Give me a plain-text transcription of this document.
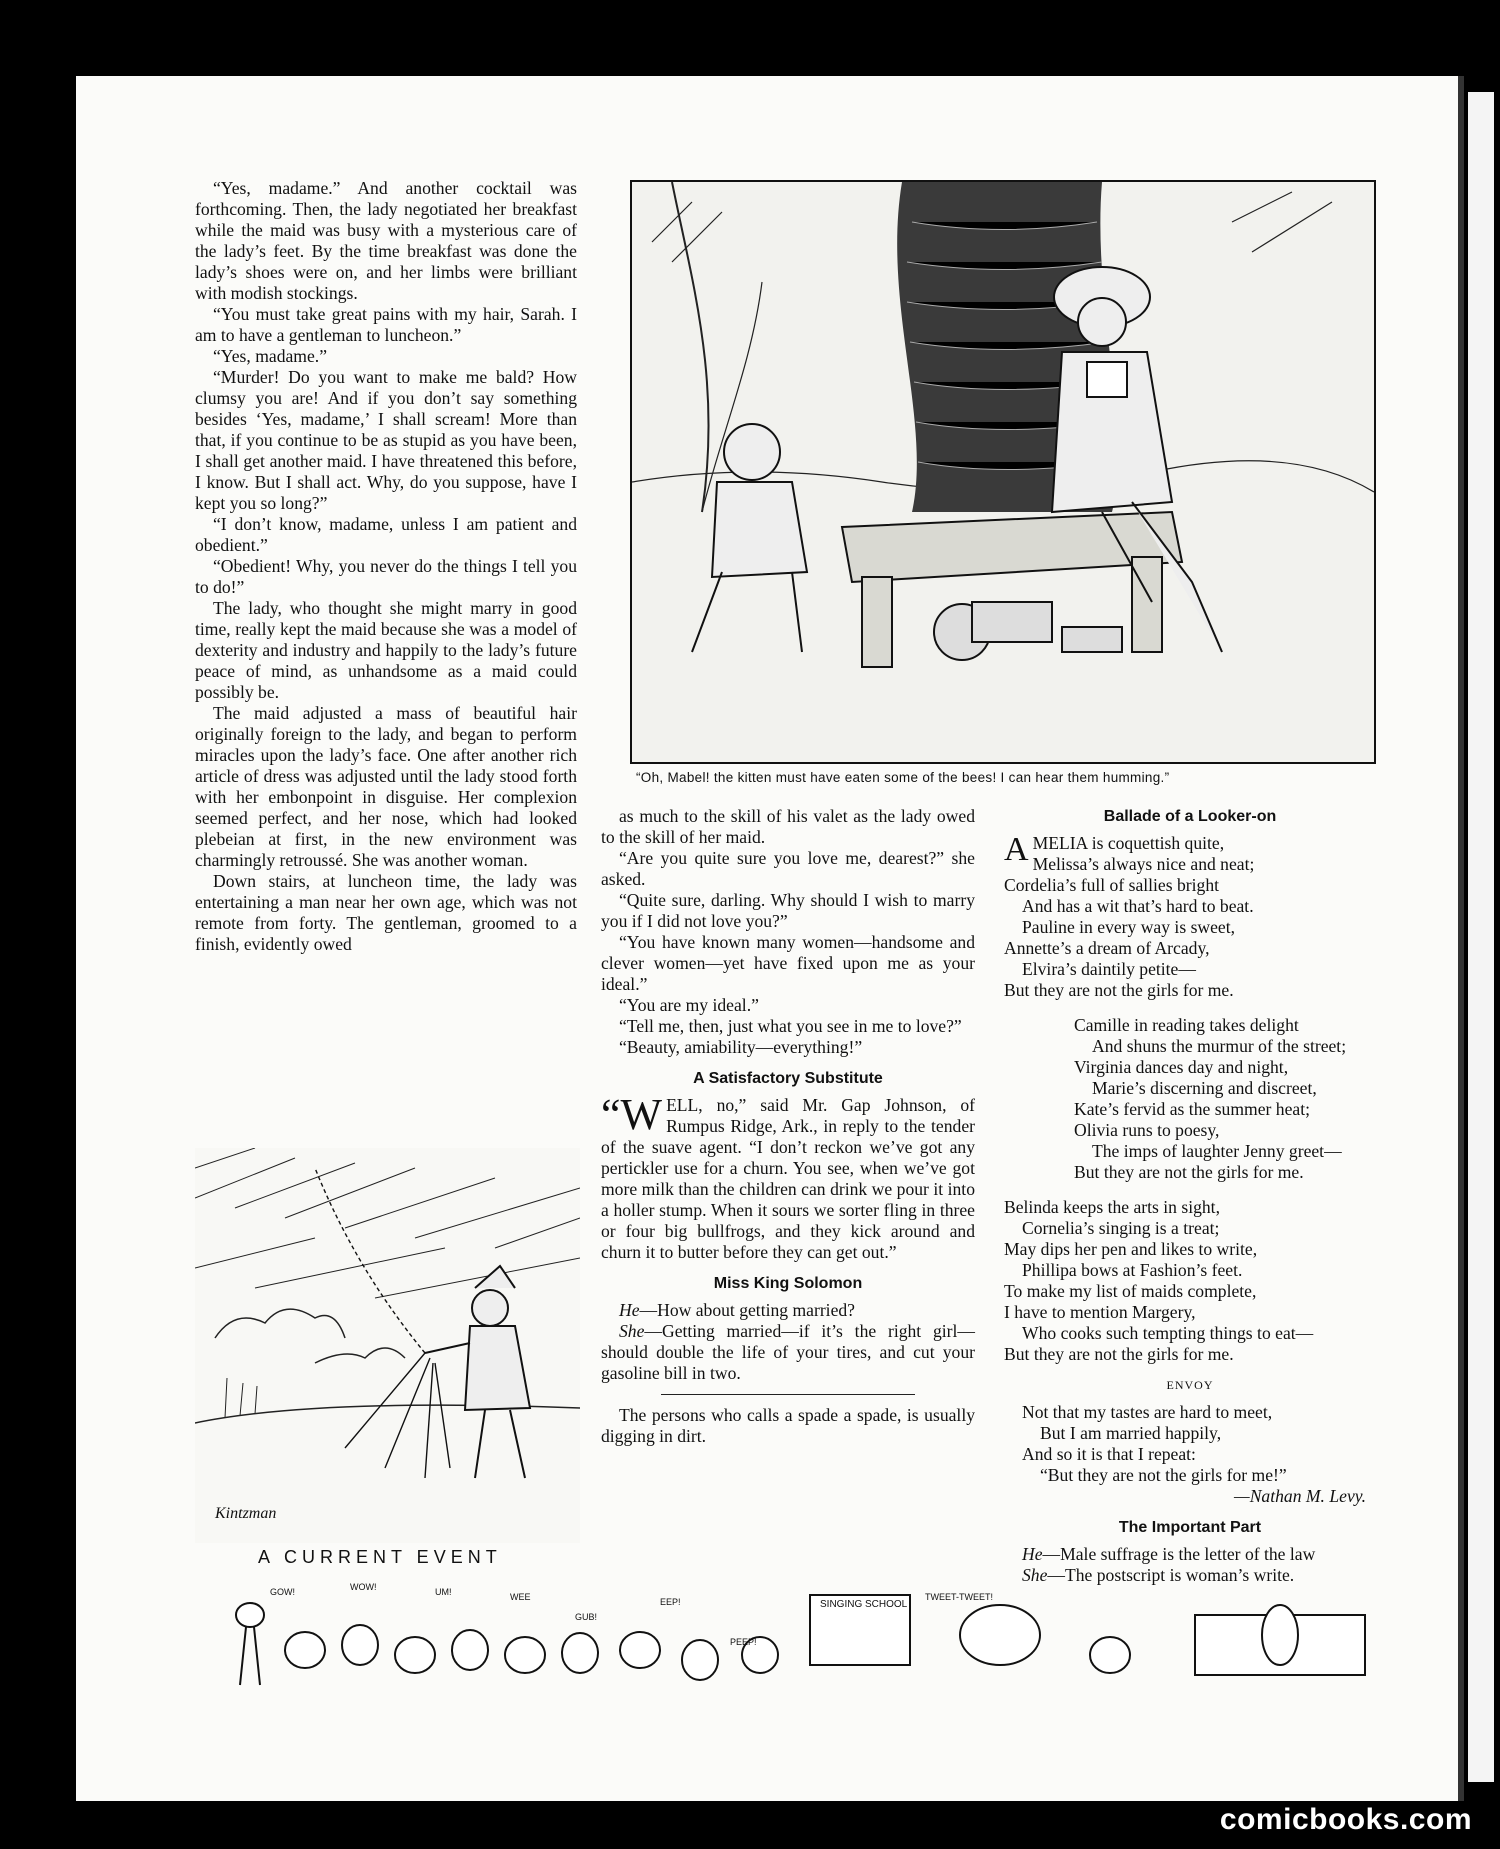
“Yes, madame.” And another cocktail was forthcoming. Then, the lady negotiated her breakfast while the maid was busy with a mysterious care of the lady’s feet. By the time breakfast was done the lady’s shoes were on, and her limbs were brilliant with modish stockings.

“You must take great pains with my hair, Sarah. I am to have a gentleman to luncheon.”

“Yes, madame.”

“Murder! Do you want to make me bald? How clumsy you are! And if you don’t say something besides ‘Yes, madame,’ I shall scream! More than that, if you continue to be as stupid as you have been, I shall get another maid. I have threatened this before, I know. But I shall act. Why, do you suppose, have I kept you so long?”

“I don’t know, madame, unless I am patient and obedient.”

“Obedient! Why, you never do the things I tell you to do!”

The lady, who thought she might marry in good time, really kept the maid because she was a model of dexterity and industry and happily to the lady’s future peace of mind, as unhandsome as a maid could possibly be.

The maid adjusted a mass of beautiful hair originally foreign to the lady, and began to perform miracles upon the lady’s face. One after another rich article of dress was adjusted until the lady stood forth with her embonpoint in disguise. Her complexion seemed perfect, and her nose, which had looked plebeian at first, in the new environment was charmingly retroussé. She was another woman.

Down stairs, at luncheon time, the lady was entertaining a man near her own age, which was not remote from forty. The gentleman, groomed to a finish, evidently owed

“Oh, Mabel! the kitten must have eaten some of the bees! I can hear them humming.”

as much to the skill of his valet as the lady owed to the skill of her maid.

“Are you quite sure you love me, dearest?” she asked.

“Quite sure, darling. Why should I wish to marry you if I did not love you?”

“You have known many women—handsome and clever women—yet have fixed upon me as your ideal.”

“You are my ideal.”

“Tell me, then, just what you see in me to love?”

“Beauty, amiability—everything!”

A Satisfactory Substitute

“WELL, no,” said Mr. Gap Johnson, of Rumpus Ridge, Ark., in reply to the tender of the suave agent. “I don’t reckon we’ve got any pertickler use for a churn. You see, when we’ve got more milk than the children can drink we pour it into a holler stump. When it sours we sorter fling in three or four big bullfrogs, and they kick around and churn it to butter before they can get out.”

Miss King Solomon

He—How about getting married?

She—Getting married—if it’s the right girl—should double the life of your tires, and cut your gasoline bill in two.

The persons who calls a spade a spade, is usually digging in dirt.

Ballade of a Looker-on
AMELIA is coquettish quite,
Melissa’s always nice and neat;
Cordelia’s full of sallies bright
And has a wit that’s hard to beat.
Pauline in every way is sweet,
Annette’s a dream of Arcady,
Elvira’s daintily petite—
But they are not the girls for me.
Camille in reading takes delight
And shuns the murmur of the street;
Virginia dances day and night,
Marie’s discerning and discreet,
Kate’s fervid as the summer heat;
Olivia runs to poesy,
The imps of laughter Jenny greet—
But they are not the girls for me.
Belinda keeps the arts in sight,
Cornelia’s singing is a treat;
May dips her pen and likes to write,
Phillipa bows at Fashion’s feet.
To make my list of maids complete,
I have to mention Margery,
Who cooks such tempting things to eat—
But they are not the girls for me.
ENVOY
Not that my tastes are hard to meet,
But I am married happily,
And so it is that I repeat:
“But they are not the girls for me!”
—Nathan M. Levy.
The Important Part

He—Male suffrage is the letter of the law

She—The postscript is woman’s write.

Kintzman
A CURRENT EVENT
SINGING SCHOOL
GOW!	WOW!	UM!	WEE
GUB!
EEP!
PEEP!
TWEET-TWEET!
comicbooks.com
